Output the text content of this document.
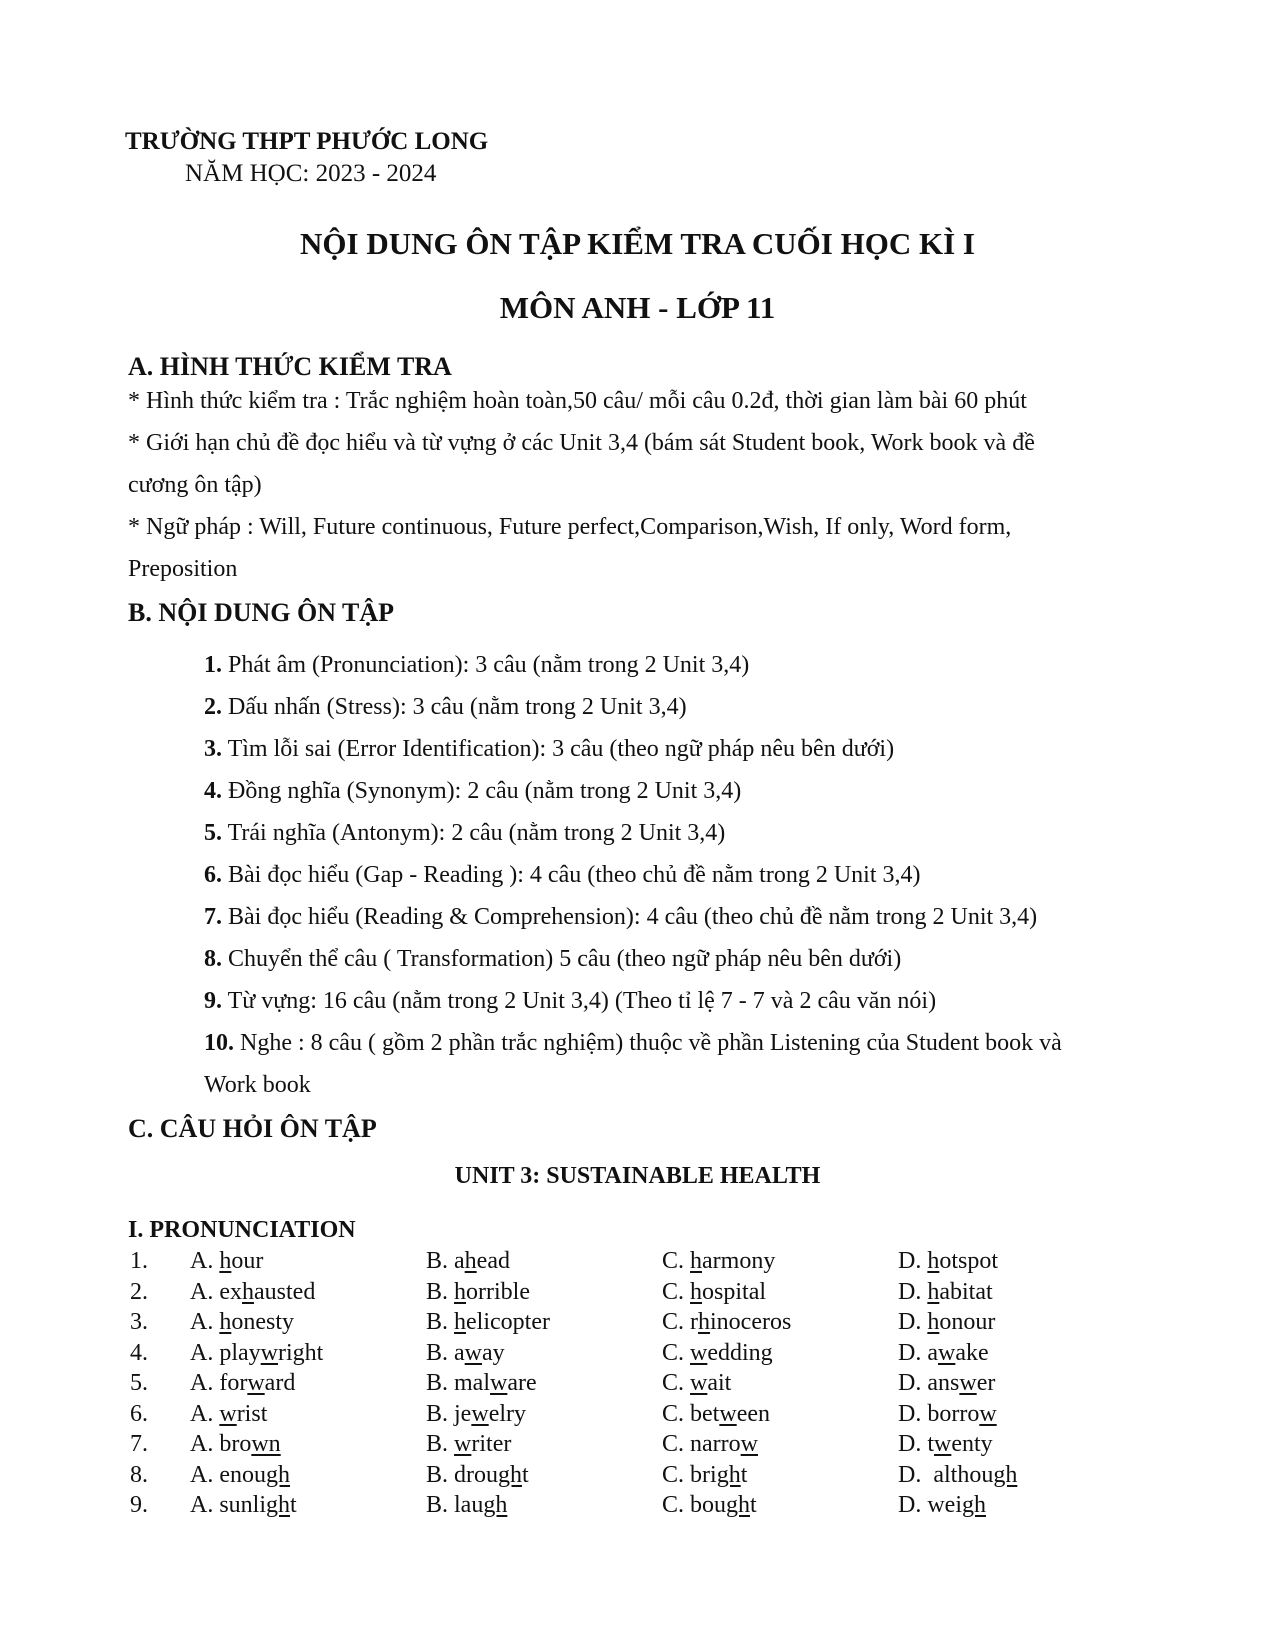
TRƯỜNG THPT PHƯỚC LONG
NĂM HỌC: 2023 - 2024
NỘI DUNG ÔN TẬP KIỂM TRA CUỐI HỌC KÌ I
MÔN ANH - LỚP 11
A. HÌNH THỨC KIỂM TRA
* Hình thức kiểm tra : Trắc nghiệm hoàn toàn,50 câu/ mỗi câu 0.2đ, thời gian làm bài 60 phút
* Giới hạn chủ đề đọc hiểu và từ vựng ở các Unit 3,4 (bám sát Student book, Work book và đề
cương ôn tập)
* Ngữ pháp : Will, Future continuous, Future perfect,Comparison,Wish, If only, Word form,
Preposition
B. NỘI DUNG ÔN TẬP
1. Phát âm (Pronunciation): 3 câu (nằm trong 2 Unit 3,4)
2. Dấu nhấn (Stress): 3 câu (nằm trong 2 Unit 3,4)
3. Tìm lỗi sai (Error Identification): 3 câu (theo ngữ pháp nêu bên dưới)
4. Đồng nghĩa (Synonym): 2 câu (nằm trong 2 Unit 3,4)
5. Trái nghĩa (Antonym): 2 câu (nằm trong 2 Unit 3,4)
6. Bài đọc hiểu (Gap - Reading ): 4 câu (theo chủ đề nằm trong 2 Unit 3,4)
7. Bài đọc hiểu (Reading & Comprehension): 4 câu (theo chủ đề nằm trong 2 Unit 3,4)
8. Chuyển thể câu ( Transformation) 5 câu (theo ngữ pháp nêu bên dưới)
9. Từ vựng: 16 câu (nằm trong 2 Unit 3,4) (Theo tỉ lệ 7 - 7 và 2 câu văn nói)
10. Nghe : 8 câu ( gồm 2 phần trắc nghiệm) thuộc về phần Listening của Student book và
Work book
C. CÂU HỎI ÔN TẬP
UNIT 3: SUSTAINABLE HEALTH
I. PRONUNCIATION
1. A. hour	B. ahead	C. harmony	D. hotspot
2. A. exhausted	B. horrible	C. hospital	D. habitat
3. A. honesty	B. helicopter	C. rhinoceros	D. honour
4. A. playwright	B. away	C. wedding	D. awake
5. A. forward	B. malware	C. wait	D. answer
6. A. wrist	B. jewelry	C. between	D. borrow
7. A. brown	B. writer	C. narrow	D. twenty
8. A. enough	B. drought	C. bright	D.  although
9. A. sunlight	B. laugh	C. bought	D. weigh
